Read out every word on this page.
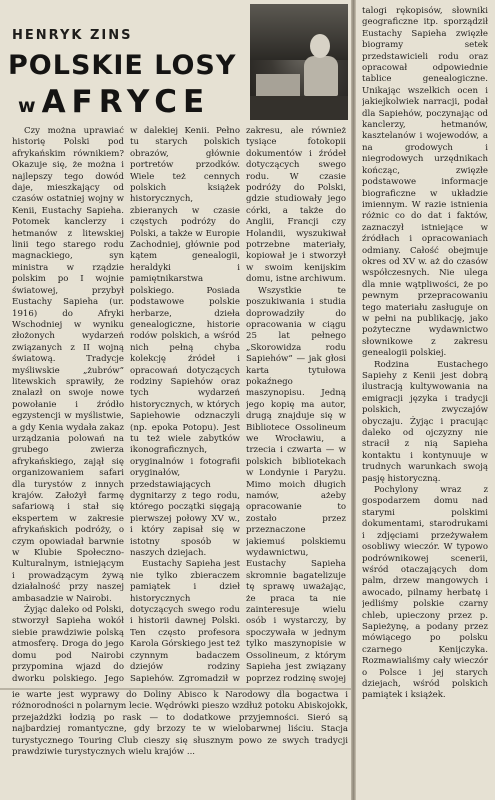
HENRYK ZINS
POLSKIE LOSY
w AFRYCE

Czy można uprawiać historię Polski pod afrykańskim równikiem? Okazuje się, że można i najlepszy tego dowód daje, mieszkający od czasów ostatniej wojny w Kenii, Eustachy Sapieha. Potomek kanclerzy i hetmanów z litewskiej linii tego starego rodu magnackiego, syn ministra w rządzie polskim po I wojnie światowej, przybył Eustachy Sapieha (ur. 1916) do Afryki Wschodniej w wyniku złożonych wydarzeń związanych z II wojną światową. Tradycje myśliwskie „żubrów” litewskich sprawiły, że znalazł on swoje nowe powołanie i źródło egzystencji w myślistwie, a gdy Kenia wydała zakaz urządzania polowań na grubego zwierza afrykańskiego, zajął się organizowaniem safari dla turystów z innych krajów. Założył farmę safariową i stał się ekspertem w zakresie afrykańskich podróży, o czym opowiadał barwnie w Klubie Społeczno-Kulturalnym, istniejącym i prowadzącym żywą działalność przy naszej ambasadzie w Nairobi.

Żyjąc daleko od Polski, stworzył Sapieha wokół siebie prawdziwie polską atmosferę. Droga do jego domu pod Nairobi przypomina wjazd do dworku polskiego. Jego

w dalekiej Kenii. Pełno tu starych polskich obrazów, głównie portretów przodków. Wiele też cennych polskich książek historycznych, zbieranych w czasie częstych podróży do Polski, a także w Europie Zachodniej, głównie pod kątem genealogii, heraldyki i pamiętnikarstwa polskiego. Posiada podstawowe polskie herbarze, dzieła genealogiczne, historie rodów polskich, a wśród nich pełną chyba kolekcję źródeł i opracowań dotyczących rodziny Sapiehów oraz tych wydarzeń historycznych, w których Sapiehowie odznaczyli (np. epoka Potopu). Jest tu też wiele zabytków ikonograficznych, oryginalnów i fotografii oryginałów, przedstawiających dygnitarzy z tego rodu, którego początki sięgają pierwszej połowy XV w., i który zapisał się w istotny sposób w naszych dziejach.

Eustachy Sapieha jest nie tylko zbieraczem pamiątek i dzieł historycznych dotyczących swego rodu i historii dawnej Polski. Ten często profesora Karola Górskiego jest też czynnym badaczem dziejów rodziny Sapiehów. Zgromadził w

zakresu, ale również tysiące fotokopii dokumentów i źródeł dotyczących swego rodu. W czasie podróży do Polski, gdzie studiowały jego córki, a także do Anglii, Francji czy Holandii, wyszukiwał potrzebne materiały, kopiował je i stworzył w swoim kenijskim domu, istne archiwum.

Wszystkie te poszukiwania i studia doprowadziły do opracowania w ciągu 25 lat pełnego „Skorowidza rodu Sapiehów” — jak głosi karta tytułowa pokaźnego maszynopisu. Jedną jego kopię ma autor, drugą znajduje się w Bibliotece Ossolineum we Wrocławiu, a trzecia i czwarta — w polskich bibliotekach w Londynie i Paryżu. Mimo moich długich namów, ażeby opracowanie to zostało przez przeznaczone jakiemuś polskiemu wydawnictwu, Eustachy Sapieha skromnie bagatelizuje tę sprawę uważając, że praca ta nie zainteresuje wielu osób i wystarczy, by spoczywała w jednym tylko maszynopisie w Ossolineum, z którym Sapieha jest związany poprzez rodzinę swojej

ie warte jest wyprawy do Doliny Abisco k Narodowy dla bogactwa i różnorodności n polarnym lecie. Wędrówki pieszo wzdłuż potoku Abiskojokk, przejażdżki łodzią po rask — to dodatkowe przyjemności. Sieró są najbardziej romantyczne, gdy brzozy te w wielobarwnej liściu. Stacja turystycznego Touring Club cieszy się słusznym powo ze swych tradycji prawdziwie turystycznych wielu krajów ...

talogi rękopisów, słowniki geograficzne itp. sporządził Eustachy Sapieha zwięzłe biogramy setek przedstawicieli rodu oraz opracował odpowiednie tablice genealogiczne. Unikając wszelkich ocen i jakiejkolwiek narracji, podał dla Sapiehów, poczynając od kanclerzy, hetmanów, kasztelanów i wojewodów, a na grodowych i niegrodowych urzędnikach kończąc, zwięzłe podstawowe informacje biograficzne w układzie imiennym. W razie istnienia różnic co do dat i faktów, zaznaczył istniejące w źródłach i opracowaniach odmiany. Całość obejmuje okres od XV w. aż do czasów współczesnych. Nie ulega dla mnie wątpliwości, że po pewnym przepracowaniu tego materiału zasługuje on w pełni na publikację, jako pożyteczne wydawnictwo słownikowe z zakresu genealogii polskiej.

Rodzina Eustachego Sapiehy z Kenii jest dobrą ilustracją kultywowania na emigracji języka i tradycji polskich, zwyczajów obyczaju. Żyjąc i pracując daleko od ojczyzny nie stracił z nią Sapieha kontaktu i kontynuuje w trudnych warunkach swoją pasję historyczną.

Pochylony wraz z gospodarzem domu nad starymi polskimi dokumentami, starodrukami i zdjęciami przeżywałem osobliwy wieczór. W typowo podrównikowej scenerii, wśród otaczających dom palm, drzew mangowych i awocado, pilnamy herbatę i jedliśmy polskie czarny chleb, upieczony przez p. Sapieżynę, a podany przez mówiącego po polsku czarnego Kenijczyka. Rozmawialiśmy cały wieczór o Polsce i jej starych dziejach, wśród polskich pamiątek i książek.
